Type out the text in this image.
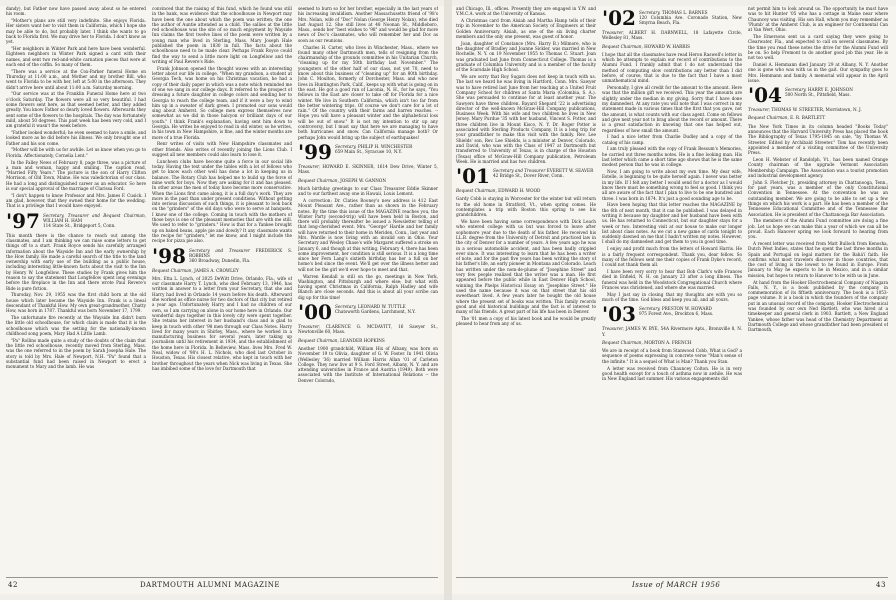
dandy), but Father now have passed away about so he entered his room.

"Mother's plans are still very indefinite. She enjoys Florida. Her sisters want her to visit them in California, which I hope she may be able to do, but probably later. I think she wants to go back to Florida first. We may drive her to Florida. I don't know as yet.

"Her neighbors in Winter Park and here have been wonderful. Eighteen neighbors in Winter Park signed a card with their names, and sent two red-and-white carnation pieces that were at each end of the coffin. So many of them.

"There was a service at the Cox-Parker funeral Home on Thursday at 11:00 a.m., and Mother and my brother Bill, who went to Florida to be with her, left at 5:00 in the afternoon. They didn't arrive here until about 11:00 a.m. Saturday morning.

"Our service was at the Franklin Funeral Home here at two o'clock Saturday. The flowers were all so very beautiful. I had some flowers sent here, as that seemed better, and they added greatly. You know Father so dearly loved flowers. Afterwards they sent some of the flowers to the hospitals. The day was fortunately mild, about 50 degrees. This past week has been very cold, and I am grateful it wasn't the week before.

"Father looked wonderful; he even seemed to have a smile, and looked more as he did before his illness. We only brought one of Father and his son come.

"Mother will be with us for awhile. Let us know when you go to Florida. Affectionately, Cornelia Lent."

In the Falley News of February 8, page three, was a picture of a man and woman, happy and smiling. The caption read, "Married Fifty Years." The picture is the son of Harry Clifton Morrison, of Old Town, Maine. He was valedictorian of our class. He had a long and distinguished career as an educator. So here is our special approval of the marriage of Clarissa Ford.

"I don't happen to know Professor and Mrs. James F. Cusick. I am glad, however, that they owned their home for the wedding. That is a privilege that I would have enjoyed.

'97 Secretary, Treasurer and Bequest Chairman, WILLIAM H. HAM
114 State St., Bridgeport 5, Conn.

This month there is the chance to reach out among the classmates, and I am thinking we can raise some letters to get things off to a start. Frank Royce sends his carefully arranged information about the Wayside Inn and the early ownership by the How family. He made a careful search of the title to the land ownership with early use of the building as a public house, including interesting little-known facts about the visit to the Inn by Henry W. Longfellow. These studies by Frank gives him the reason to say the statement that Longfellow spent long evenings before the fireplace in the Inn and there wrote Paul Revere's Ride is pure fiction.

Thursday, Nov. 29, 1955 was the first child born at the old house which later became the Wayside Inn. Frank is a lineal descendant of Thankful How. My own great-grandmother, Chatty How, was born in 1787. Thankful was born November 17, 1799.

The unfortunate fire recently at the Wayside Inn didn't burn the little old schoolhouse, for which claim is made that it is the schoolhouse which was the setting for the nationally-known childhood song poem, Mary Had A Little Lamb.

"Pa" Rollins made quite a study of the doubts of the claim that the little red schoolhouse, recently moved from Sterling, Mass. was the one referred to in the poem by Sarah Josepha Hale. The story is told by Mrs. Hale of Newport, N.H. "Pa" found that a substantial fund had been raised in Newport to erect a monument to Mary and the lamb. He was

convinced that the raising of this fund, which he found was still in the bank, was evidence that the schoolhouse in Newport may have been the one about which the poem was written; the one the author of Auntie attended as a child. The sallies at the little red schoolhouse was the site of so much enjoyment by Wayside Inn claims the first twelve lines of the poem were written by a young man who lived in Sterling, Mass. Mary Joseph Hale published the poem in 1830 in full. The facts about the schoolhouse need to be made clear. Perhaps Frank Royce could find the way to send a little more light on Longfellow and the writing of Paul Revere's Ride.

Frank Johnson opened the thought waves with an interesting letter about our life in college. "When my grandson, a student at Georgia Tech, was home on his Christmas vacation, he had a copy of their daily paper in which was a note which reminded me of one we sang in our college days. It referred to the prospect of dressing a future daughter in college colors and sending her to Georgia to reach the college team, and if it were a boy to wind him up in a sweater of dark green. I promoted our sons would sing about Amherst. So college men express themselves now somewhat as we did in those halcyon or brilliant days of our youth." I think Frank's explanation, having sent him down to Georgia. He writes he enjoyed to read in old winter, so he writes, in his town in New Hampshire, is fine, and the winter months are more of a true Florida.

Renr writes of visits with New Hampshire classmates and other friends. Also writes of recently joining the Lions Club. I suggest all new members could also learn to lose it.

Luncheon clubs have become quite a force in our social life today. Having the text under the tables with a lot of fellows who get to know each other well has done a lot in keeping us in balance. The Rotary Club has helped me to build up the force of mine work for boys. Now they are asking for it and has pleased. In other areas the men of today have become more conservative. When the Lions first came along, it is a full day's work. They are more in the past than under present conditions. Without getting into serious discussion of such things, it is pleasant to look back on the "grinders" of the old days who were to serve at banquets. I know one of the college. Coming in touch with the mothers of those boys is one of the pleasant memories that are with me still. We used to refer to "grinders." How is that for a Yankee brought up on baked beans, apple pie and dowdy? It any classmate wants the recipe for "grinders," let me know, and I might include the recipe for pizza pie also.

'98 Secretary and Treasurer FREDERICK S. ROBBINS
360 Broadway, Dunedin, Fla.
Bequest Chairman, JAMES A. CROWLEY

Mrs. Etta L. Lynch, of 2025 DeWitt Drive, Orlando, Fla., wife of our classmate Harry T. Lynch, who died February 13, 1946, has written in answer to a letter from your Secretary, that she and Harry had lived in Orlando 14 years before his death. Afterward she worked as office nurse for two doctors of that city but retired a year ago. Unfortunately Harry and I had no children of our own, so I am carrying on alone in our home here in Orlando. Our wonderful days together in this lovely city were spent together. She retains her interest in her husband's class and is glad to keep in touch with other '98 men through our Class Notes. Harry lived for many years in Shirley, Mass., where he worked in a manufacturing business for several years, later taking up journalism until his retirement in 1934, and the establishment of the home here in Florida. In Belleview, Mass. lives Mrs. Fred W. Neal, widow of '98's H. L. Nichols, who died last October in Houston, Texas. His closest relative, who kept in touch with her brother throughout the years when Nick was living in Texas. She has imbibed some of the love for Dartmouth that

seemed to burn so for her brother, especially in the last years of his increasing invalidism. Another Massachusetts friend of '98's Mrs. Nolan, wife of "Doc" Nolan (George Henry Nolan), who died last August 12. She still lives at 48 Noonan St., Middleboro, Mass., sends her "best wishes to '98" and would be glad for more news of Doc's classmates, who will remember her and Doc as soon as our reunions.

Charles H. Carter, who lives in Winchester, Mass., where we found many other Dartmouth men, tells of resigning from the chairmanship of the grounds committee in his Unitarian Church, "cleaning up for my 50th birthday last November." The youngsters of the other half of our class, not yet 70, need to know about this business of "cleaning up" for an 80th birthday. John C. Moulton, formerly of Dorchester, Mass. and who now lives in Huntington Park, Calif., keeps up with what is going on in the east. He got a good run of Laconia, N. H., for he says, "You fellows in the East are closer to take off for Florida for a nice winter. We live in Southern California, which isn't too far from the better wintering trips. Of course we don't care for a lot of rain." Of the country with their farms and barren reaches. -- Hope you will have a pleasant winter and the alphabetical loss will be out of snow." It is not my intention to stir up any controversy, but I must say that here we are managing to have both hurricanes and snow. Can California manage both? Or perhaps John would bring up the subject of earthquakes!

'99 Secretary, PHILIP H. WINCHESTER
659 Main St., Syracuse 10, N.Y.
Treasurer, HOWARD E. SKINNER, 1614 Dew Drive, Winter 5, Mass.
Bequest Chairman, JOSEPH W. GANNON

Much birthday greetings to our Class Treasurer Eddie Skinner and to our farthest away one in Hawaii, Louis Lemont.

A correction: Dr. Claties Rooney's new address is 412 East Mount Pleasant Ave., rather than as shown in the February notes. By the time this issue of the MAGAZINE reaches you, the Winter Party (second-trip) will have been held in Boston, and there will probably thereafter be issued a Newsletter telling of that long-cherished event. Mrs. "George" Hardie and her family will have returned to their home in Meriden, Conn., last year and Mrs. Wardle is now living with an invalid son in Ohio. Your Secretary and Wesley Chase's wife Margaret suffered a stroke on January 6, and though at this writing, February 4, there has been some improvement, her condition is still serious. It is a long time since her Fern Lang's sixtieth birthday has her a full on her home's bed since the event. We'll get over the illness better and will not be the girl we'd ever hope to meet and that.

Warren Kendall is still on the go, meetings in New York, Washington, and Pittsburgh and where else; but what with having spent Christmas in California, Ralph Hadley and wife Blanch are close seconds. And this is about all your scribe can dig up for this time!

'00 Secretary, LEONARD W. TUTTLE
Chatsworth Gardens, Larchmont, N.Y.
Treasurer, CLARENCE G. MCDAVITT, 16 Sawyer St., Newtonville 60, Mass.
Bequest Chairman, LEANDER HOPKINS

Another 1900 grandchild, William Hix of Albany, was born on November 19 to Olivia, daughter of G. W. Foster. In 1941 Olivia (Wellesley '36) married William Harris Allan '01 of Carleton College. They now live at 9 S. Ford Street, Albany, N. Y. and are attending universities in France and Austria (1949). Both were associated with the Institute of International Relations -- the Denver Colorado,

42	DARTMOUTH ALUMNI MAGAZINE

and Chicago, Ill., offices. Presently they are engaged in Y.W. and Y.M.C.A. work at the University of Kansas.

A Christmas card from Alsiah and Martha Hamp tells of their trip in November to the American Society of Engineers at their Golden Anniversary. Alsiah, as one of the six living charter members and the only one present, was guest of honor.

Joan, daughter of Constance (Mrs. Harry B.) Milmore, who is the daughter of Bradley and Joanne Sickler, was married in New Rochelle, N. Y. on 19 November 1955 to Thomas C. Stuart. Joan was graduated last June from Connecticut College. Thomas is a graduate of Columbia University and is a member of the faculty of the Scarsdale High School.

We are sorry that Roy Sugars does not keep in touch with us. The last we heard he was living in Hartford, Conn. Mrs. Sawyer was to have retired last June from her teaching at a United Fruit Company School for children at Santa Maria (Colombia, S. A.). She was persuaded to continue for at least another year. The Sawyers have three children. Bayard Shepard '22 is advertising director of the well-known McGraw-Hill Company publications, Business Week. With his wife and two children he lives in New Jersey. Mary Purdue '35 with her husband, Vincent S. Potter, and three children live in Mount Kisco, N. Y. Dr. Roger Potter is associated with Sterling Products Company. It is a long trip for your grandfather to make this visit with the family. Rev. Lee Shields' son, Rev. Lee Shields, is a minister at Denver, Colorado, and David, who was with the Class of 1947 at Dartmouth but transferred to University of Texas, is in charge of the Houston (Texas) office of McGraw-Hill Company publication, Petroleum Week. He is married and has two children.

'01 Secretary and Treasurer EVERETT W. SEAVER
42 Bridge St., Dover River, Conn.
Bequest Chairman, EDWARD H. WOOD

Gardy Cobb is staying in Worcester for the winter but will return to the old home in Stratford, Vt., when spring comes. He contemplates a trip with Boston this spring to see his grandchildren.

We have been having some correspondence with Dick Leach who entered college with us but was forced to leave after sophomore year due to the death of his father. He received his LL.B. degree from the University of Detroit and practiced law in the city of Denver for a number of years. A few years ago he was in a serious automobile accident, and has been badly crippled ever since. It was interesting to learn that he has been a writer of note, and for the past five years has been writing the story of his father's life, an early pioneer in Montana and Colorado. Leach has written under the nom-de-plume of "Josephine Street" and very few people realized that the writer was a man. He first appeared before the public while in East Denver High School, winning the Phelps Historical Essay on "Josephine Street." He used the name because it was on that street that his old sweetheart lived. A few years later he bought the old house where the present set of books was written. This family records good and old historical buildings and the fact is of interest to many of his friends. A great part of his life has been in Denver.

The '01 men a copy of his latest book and he would be greatly pleased to hear from any of us.

'02 Secretary, THOMAS L. BARNES
120 Columbia Ave. Coronado Station, New Smyrna Beach, Fla.
Treasurer, ALBERT H. DARNWELL, 18 Lafayette Circle, Wellesley 81, Mass.
Bequest Chairman, HOWARD W. HARRIS

I hope that all the classmates have read Heron Raswell's letter in which he attempts to explain our record of contributions to the Alumni Fund. I frankly admit that I do not understand the method of computing slow contributions any better than I did before, of course, that is due to the fact that I have a most unmathematical mind.

Personally, I give all credit for the amount to the amount. Here was that the million gift we received. This year the amounts are slightly under the median in my giving. Sorry that I have done my damnedest. At any rate you will note that I was correct in my statement made in various times that the first that you gave, not the amount, is what counts with our class agent. Come on fellows and give next year not to brag about the record or amount. There is a great satisfaction in knowing that one has helped out, regardless of how small the amount.

I had a nice letter from Charlie Dudley and a copy of the catalog of his camp.

I am truly pleased with the copy of Frank Bessum's Memories, he carried out three months notes. He is a fine looking man. His last letter which came a short time ago shows that he is the same modest person that he was in college.

Now, I am going to write about my own time. My dear wife, Estelle, is beginning to be quite herself again. I never was better in my life. If I felt any better I would send for a doctor as I would know there must be something wrong to feel so good. I think you all are aware of the fact that I plan to live to be one hundred and three. I was born in 1874. It's just a good sounding age to be.

Have been hoping that this letter reaches the MAGAZINE by the 6th of next month, that it can be published. I was delayed in writing it because my daughter and her husband have been with us. He has returned to Connecticut, but our daughter stays for a week or two. Interesting visit at our house to make our longer list about class notes. As we cut a new game of cards tonight to suddenly dawned on me that I hadn't written my notes. However, I shall do my damnedest and get them to you in good time.

I enjoy and profit much from the letters of Howard Harris. He is a fairly frequent correspondent. Thank you, dear fellow. So many of the fellows sent me their copies of Frank Dyke's record, I could not thank them all.

I have been very sorry to hear that Bob Clark's wife Frances died in Enfield, N. H. on January 23 after a long illness. The funeral was held in the Woodstock Congregational Church where Frances was christened, and where she was married.

May I just say in closing that my thoughts are with you so much of the time. God bless and keep you all, and all yours.

'03 Secretary, PRESTON W. HOWARD
975 Forest Ave., Brockton 6, Mass.
Treasurer, JAMES W. BYE, 54A Rivermore Apts., Bronxville 8, N. Y.
Bequest Chairman, MORTON A. FRENCH

We are in receipt of a book from Stanwood Cobb, What is God? a sequence of poems expressing in concrete verse "Man's sense of the infinite." It is a sequel of What is Man? Thank you Stan.

A letter was received from Chauncey Colton. He is in very good health except for a touch of asthma now in awhile. He was in New England last summer. His various engagements did

not permit him to look around us. The opportunity he must have was to hit Hunter '05 who has a cottage in Maine near where Chauncey was visiting. His son Hall, whom you may remember as 'Plumb' at the Amherst Club, is an engineer for Continental Can at Van Wert, Ohio.

The Emersons sent us a card saying they were going to Clearwater, Fla., and expected to call on several classmates. By the time you read these notes the drive for the Alumni Fund will be on. So help Fremont to do another good job this year. He is not too well.

Daniel A. Hemmann died January 29 at Albany, N. Y. Another one is gone who was with us in the gait. Our sympathy goes to Mrs. Hemmann and family. A memorial will appear in the April issue.

'04 Secretary, HARRY E. JOHNSON
500 North St., Pittsfield, Mass.
Treasurer, THOMAS W. STREETER, Morristown, N. J.
Bequest Chairman, E. R. BARTLETT

The New York Times in its column headed "Books Today" announces that the Harvard University Press has placed the book The Bibliography of Texas 1795-1845 on sale, "by Thomas W. Streeter. Edited by Archibald Streeter." Tom has recently been appointed a member of a visiting committee of the University Press.

Leon H. Webster of Randolph, Vt., has been named Orange County chairman of the upgrade Vermont Association Membership Campaign. The Association was a tourist promotion and industrial development agency.

John S. Fletcher Jr., presiding attorney in Chattanooga, Tenn., for past years, was a member of the only Constitutional Convention in Tennessee. At the convention he was an outstanding member. We are going to be able to set up a few things on which his work is a part. He has been a member of the Tennessee Educational Committee and of the Tennessee Bar Association. He is president of the Chattanooga Bar Association.

The members of the Alumni Fund committee are doing a fine job. Let us hope we can make this a year of which we can all be proud. Each Hanover spring we look forward to hearing from you.

A recent letter was received from Matt Bullock from Kenosha, Dutch West Indies, states that he spent the last three months in Spain and Portugal on legal matters for the Bahá'í faith. He confirms what most travelers discover in those countries, that the cost of living is the lowest to be found in Europe. From January to May he expects to be in Mexico, and in a similar mission, but hopes to return to Hanover to be with us in June.

At hand from the Hooker Electrochemical Company of Niagara Falls, N. Y., is a book published by the company in commemoration of its fiftieth anniversary. The book is a 1053-page volume. It is a book in which the founders of the company put in an unusual record of the company. Hooker Electrochemical was founded by our own Ned Bartlett, who was hired at a timekeeper and general clerk in 1903. Bartlett, a New England Yankee, whose father was head of the Chemistry Department at Dartmouth College and whose grandfather had been president of Dartmouth,

Issue of MARCH 1956	43
